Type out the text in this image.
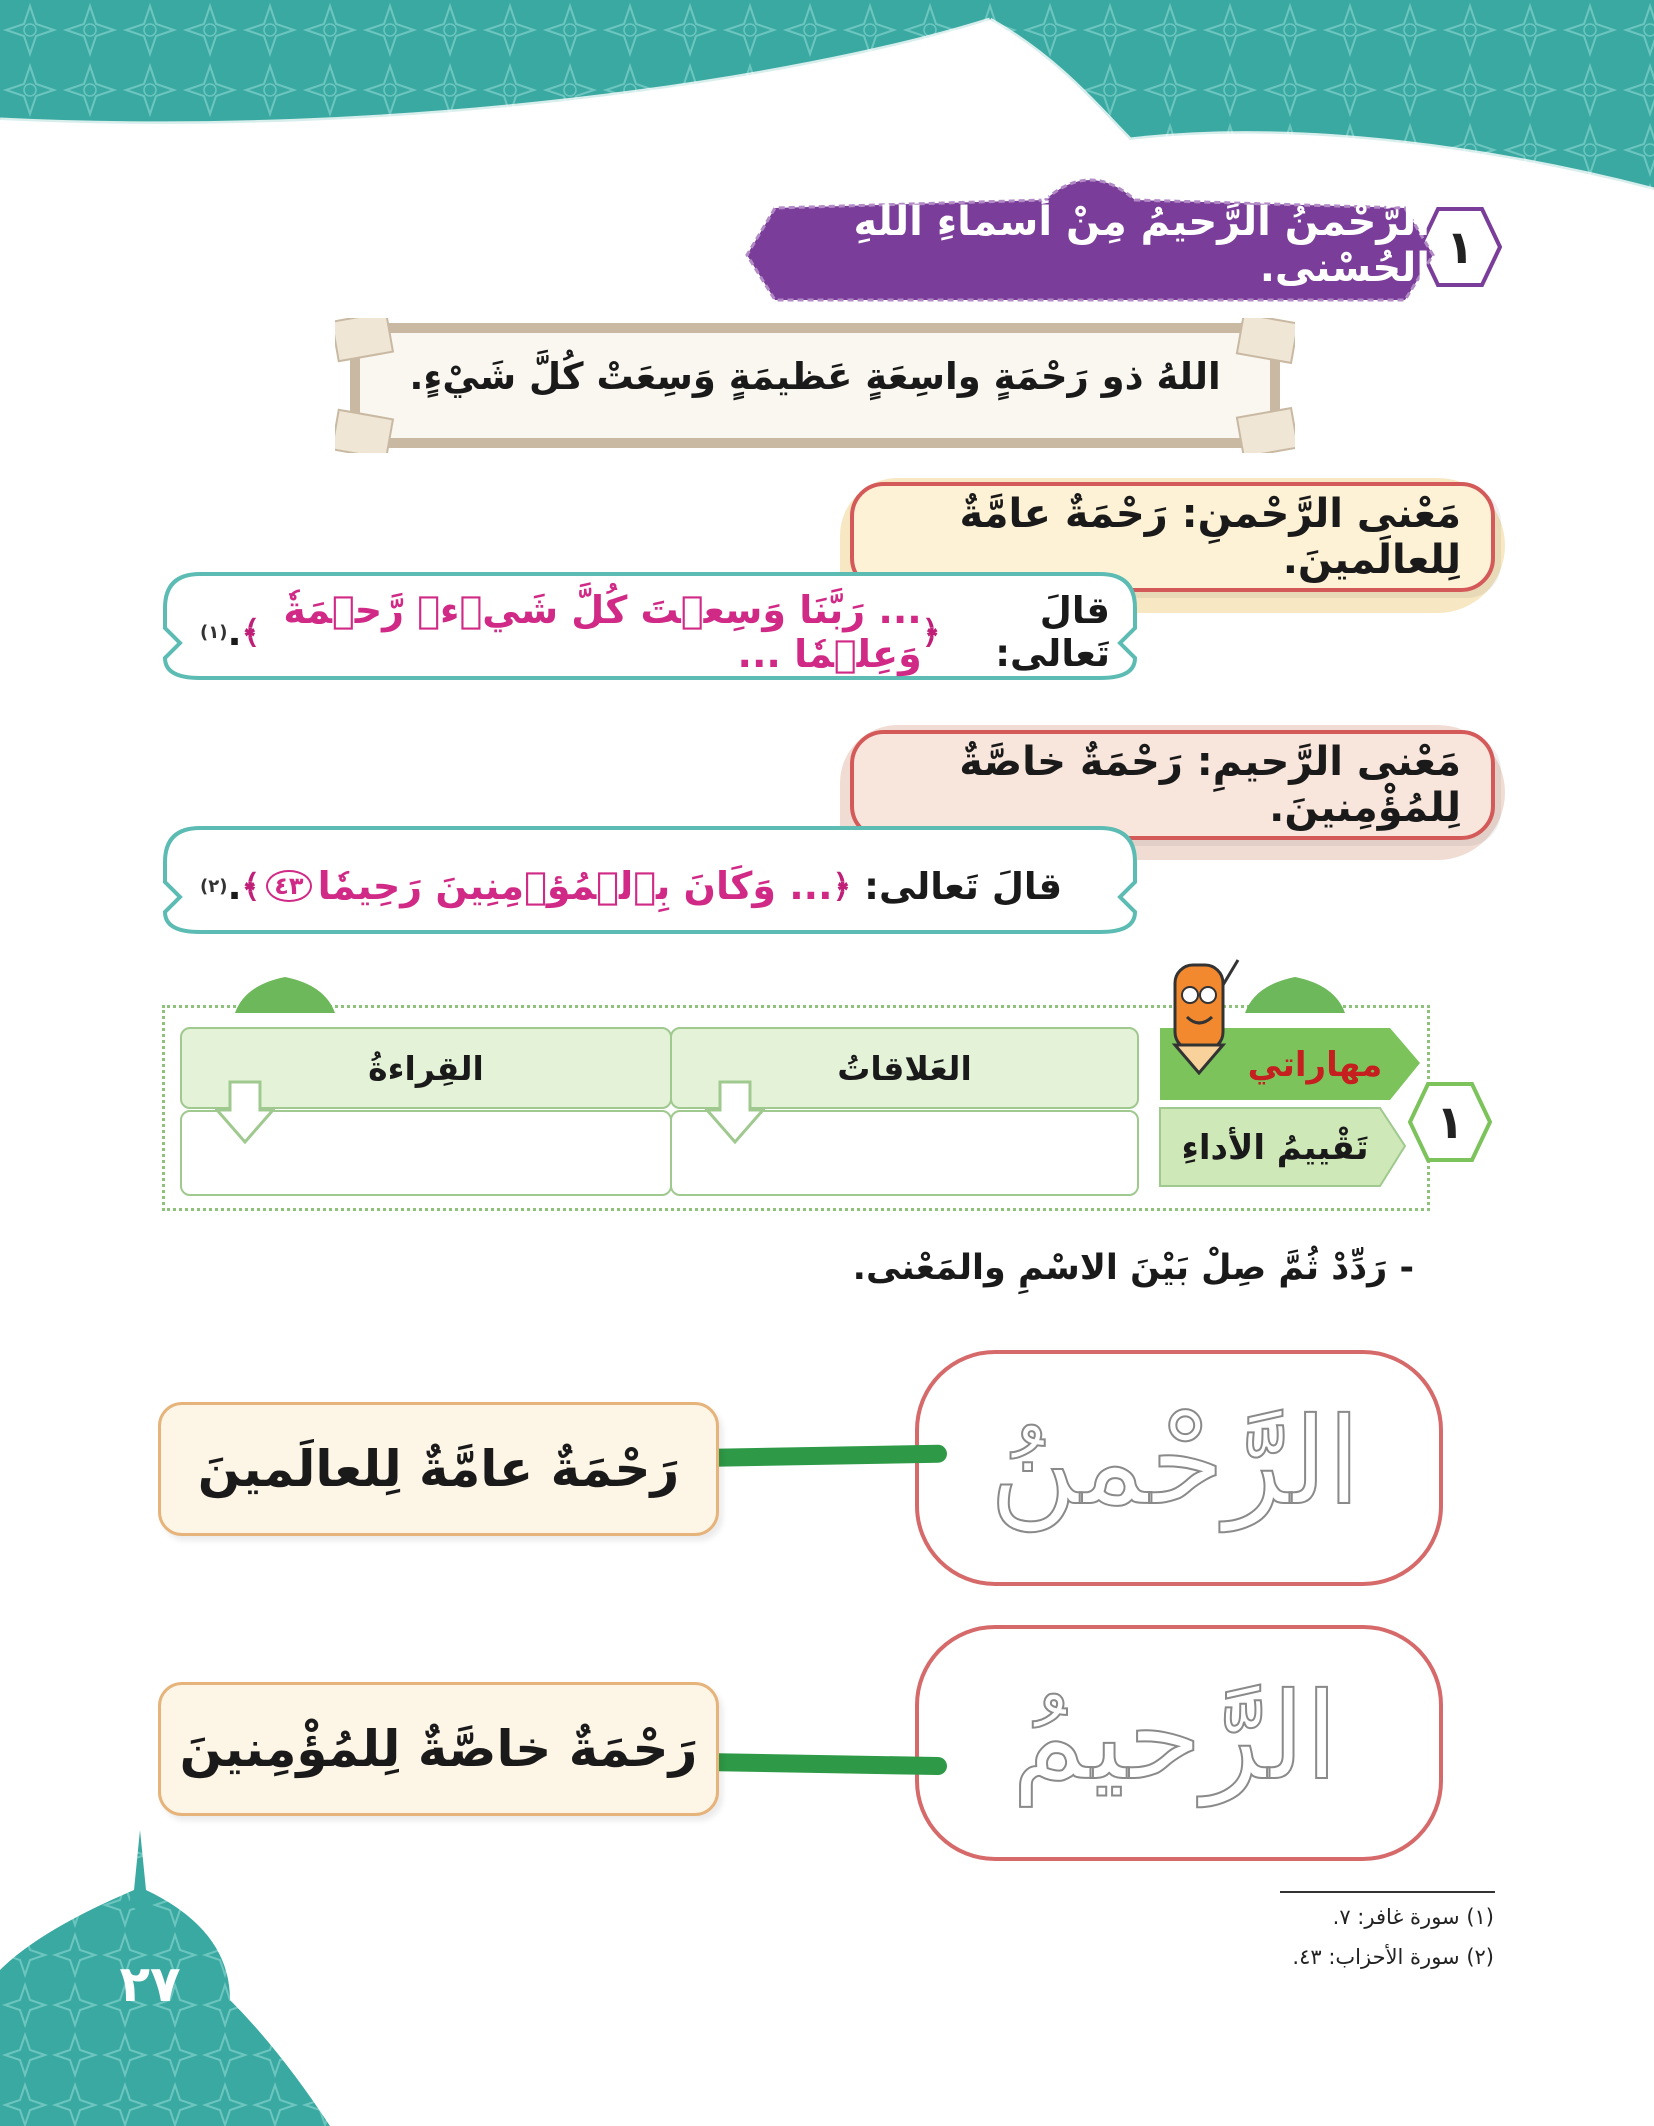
١
الرَّحْمنُ الرَّحيمُ مِنْ أَسماءِ اللهِ الحُسْنى.
اللهُ ذو رَحْمَةٍ واسِعَةٍ عَظيمَةٍ وَسِعَتْ كُلَّ شَيْءٍ.
مَعْنى الرَّحْمنِ: رَحْمَةٌ عامَّةٌ لِلعالَمينَ.
قالَ تَعالى:

﴿
... رَبَّنَا وَسِعۡتَ كُلَّ شَيۡءٖ رَّحۡمَةٗ وَعِلۡمٗا ...
﴾
.
(١)
مَعْنى الرَّحيمِ: رَحْمَةٌ خاصَّةٌ لِلمُؤْمِنينَ.
قالَ تَعالى:

﴿
... وَكَانَ بِٱلۡمُؤۡمِنِينَ رَحِيمٗا
٤٣
﴾
.
(٢)
العَلاقاتُ
القِراءةُ	مهاراتي
تَقْييمُ الأداءِ	١
- رَدِّدْ ثُمَّ صِلْ بَيْنَ الاسْمِ والمَعْنى.
الرَّحْمنُ
رَحْمَةٌ عامَّةٌ لِلعالَمينَ
الرَّحيمُ
رَحْمَةٌ خاصَّةٌ لِلمُؤْمِنينَ
(١) سورة غافر: ٧.
(٢) سورة الأحزاب: ٤٣.
٢٧
